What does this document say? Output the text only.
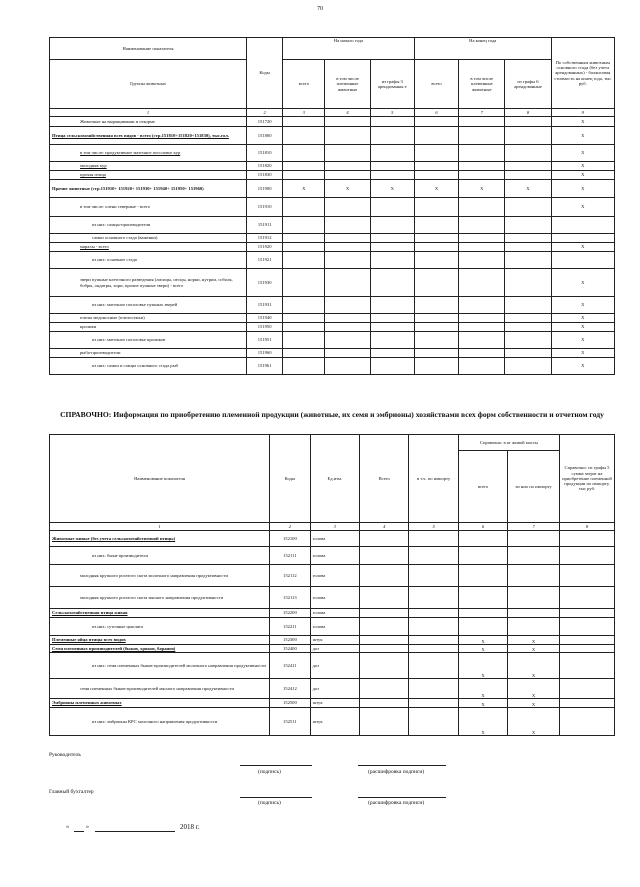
70
Наименование показателя	Коды	На начало года			На конец года			По собственным животным основного стада (без учета арендованных) - балансовая стоимость на конец года, тыс руб.
Группы животных		всего	в том числе племенные животные	из графы 3 арендованны е	всего	в том числе племенные животные	из графы 6 арендованные	
1	2	3	4	5	6	7	8	9
Животные на выращивании и откорме	151720							X
Птица сельскохозяйственная всех видов - всего (стр.151810+151820+151830), тыс.гол.	151800							X
в том числе: продуктивное маточное поголовье кур	151810							X
молодняк кур	151820							X
прочая птица	151830							X
Прочие животные (стр.151910+ 151920+ 151930+ 151940+ 151950+ 151960)	151900	X	X	X	X	X	X	X
в том числе: олени северные - всего	151910							X
из них: самцы-производители	151911							
самки основного стада (важенки)	151912							
маралы - всего	151920							X
из них: основное стадо	151921							
звери пушные клеточного разведения (лисицы, песцы, норки, нутрии, соболя, бобры, ондатры, хори, прочие пушные звери) - всего	151930							X
из них: маточное поголовье пушных зверей	151931							X
пчелы медоносные (пчелосемьи)	151940							X
кролики	151950							X
из них: маточное поголовье кроликов	151951							X
рыба-производители	151960							X
из них: самки и самцы основного стада рыб	151961							X
СПРАВОЧНО: Информация по приобретению племенной продукции (животные, их семя и эмбрионы) хозяйствами всех форм собственности и отчетном году
Наименование показателя	Коды	Ед.изм.	Всего	в т.ч. по импорту	Справочно: в кг живой массы		Справочно: из графы 5 сумма затрат на приобретение племенной продукции по импорту, тыс руб.
					всего	из них по импорту	
1	2	3	4	5	6	7	8
Животные живые (без учета сельскохозяйственной птицы)	152100	голова					
из них: быки-производители	152111	голова					
молодняк крупного рогатого скота молочного направления продуктивности	152112	голова					
молодняк крупного рогатого скота мясного направления продуктивности	152113	голова					
Сельскохозяйственная птица живая	152200	голова					
из них: суточные цыплята	152211	голова					
Племенные яйца птицы всех видов	152300	штук			X	X	
Семя племенных производителей (быков, хряков, баранов)	152400	доз			X	X	
из них: семя племенных быков-производителей молочного направления продуктивности	152411	доз			X	X	
семя племенных быков-производителей мясного направления продуктивности	152412	доз			X	X	
Эмбрионы племенных животных	152500	штук			X	X	
из них: эмбрионы КРС молочного направления продуктивности	152511	штук			X	X	
Руководитель
(подпись)	(расшифровка подписи)
Главный бухгалтер
(подпись)	(расшифровка подписи)
«	»	2018 г.
